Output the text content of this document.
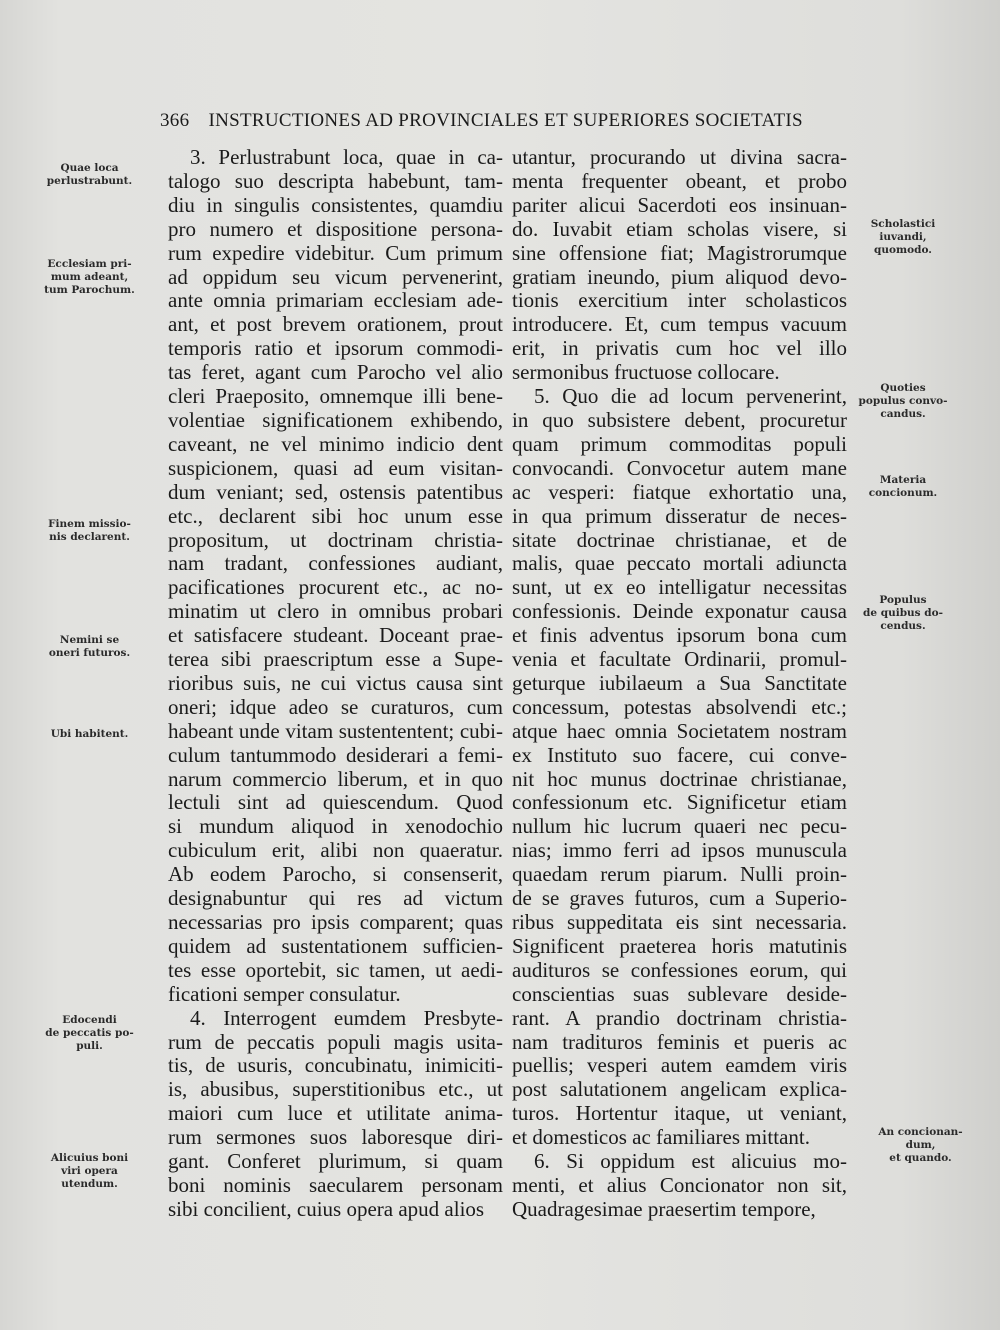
366 INSTRUCTIONES AD PROVINCIALES ET SUPERIORES SOCIETATIS
3. Perlustrabunt loca, quae in ca-
talogo suo descripta habebunt, tam-
diu in singulis consistentes, quamdiu
pro numero et dispositione persona-
rum expedire videbitur. Cum primum
ad oppidum seu vicum pervenerint,
ante omnia primariam ecclesiam ade-
ant, et post brevem orationem, prout
temporis ratio et ipsorum commodi-
tas feret, agant cum Parocho vel alio
cleri Praeposito, omnemque illi bene-
volentiae significationem exhibendo,
caveant, ne vel minimo indicio dent
suspicionem, quasi ad eum visitan-
dum veniant; sed, ostensis patentibus
etc., declarent sibi hoc unum esse
propositum, ut doctrinam christia-
nam tradant, confessiones audiant,
pacificationes procurent etc., ac no-
minatim ut clero in omnibus probari
et satisfacere studeant. Doceant prae-
terea sibi praescriptum esse a Supe-
rioribus suis, ne cui victus causa sint
oneri; idque adeo se curaturos, cum
habeant unde vitam sustententent; cubi-
culum tantummodo desiderari a femi-
narum commercio liberum, et in quo
lectuli sint ad quiescendum. Quod
si mundum aliquod in xenodochio
cubiculum erit, alibi non quaeratur.
Ab eodem Parocho, si consenserit,
designabuntur qui res ad victum
necessarias pro ipsis comparent; quas
quidem ad sustentationem sufficien-
tes esse oportebit, sic tamen, ut aedi-
ficationi semper consulatur.
4. Interrogent eumdem Presbyte-
rum de peccatis populi magis usita-
tis, de usuris, concubinatu, inimiciti-
is, abusibus, superstitionibus etc., ut
maiori cum luce et utilitate anima-
rum sermones suos laboresque diri-
gant. Conferet plurimum, si quam
boni nominis saecularem personam
sibi concilient, cuius opera apud alios
utantur, procurando ut divina sacra-
menta frequenter obeant, et probo
pariter alicui Sacerdoti eos insinuan-
do. Iuvabit etiam scholas visere, si
sine offensione fiat; Magistrorumque
gratiam ineundo, pium aliquod devo-
tionis exercitium inter scholasticos
introducere. Et, cum tempus vacuum
erit, in privatis cum hoc vel illo
sermonibus fructuose collocare.
5. Quo die ad locum pervenerint,
in quo subsistere debent, procuretur
quam primum commoditas populi
convocandi. Convocetur autem mane
ac vesperi: fiatque exhortatio una,
in qua primum disseratur de neces-
sitate doctrinae christianae, et de
malis, quae peccato mortali adiuncta
sunt, ut ex eo intelligatur necessitas
confessionis. Deinde exponatur causa
et finis adventus ipsorum bona cum
venia et facultate Ordinarii, promul-
geturque iubilaeum a Sua Sanctitate
concessum, potestas absolvendi etc.;
atque haec omnia Societatem nostram
ex Instituto suo facere, cui conve-
nit hoc munus doctrinae christianae,
confessionum etc. Significetur etiam
nullum hic lucrum quaeri nec pecu-
nias; immo ferri ad ipsos munuscula
quaedam rerum piarum. Nulli proin-
de se graves futuros, cum a Superio-
ribus suppeditata eis sint necessaria.
Significent praeterea horis matutinis
auditur​os se confessiones eorum, qui
conscientias suas sublevare deside-
rant. A prandio doctrinam christia-
nam traditur​os feminis et pueris ac
puellis; vesperi autem eamdem viris
post salutationem angelicam explica-
turos. Hortentur itaque, ut veniant,
et domesticos ac familiares mittant.
6. Si oppidum est alicuius mo-
menti, et alius Concionator non sit,
Quadragesimae praesertim tempore,
Quae loca
perlustrabunt.
Ecclesiam pri-
mum adeant,
tum Parochum.
Finem missio-
nis declarent.
Nemini se
oneri futuros.
Ubi habitent.
Edocendi
de peccatis po-
puli.
Alicuius boni
viri opera
utendum.
Scholastici
iuvandi,
quomodo.
Quoties
populus convo-
candus.
Materia
concionum.
Populus
de quibus do-
cendus.
An concionan-
dum,
et quando.
